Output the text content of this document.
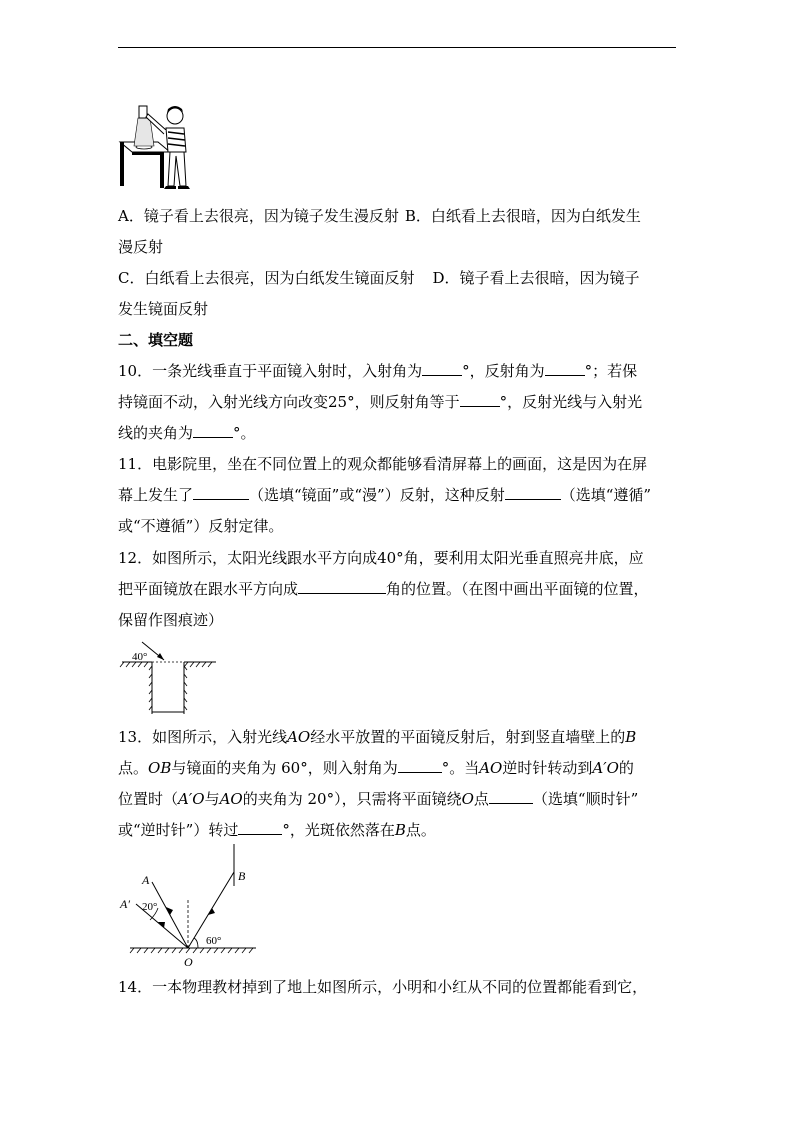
A．镜子看上去很亮，因为镜子发生漫反射 B．白纸看上去很暗，因为白纸发生
漫反射
C．白纸看上去很亮，因为白纸发生镜面反射 D．镜子看上去很暗，因为镜子
发生镜面反射
二、填空题
10．一条光线垂直于平面镜入射时，入射角为	°，反射角为	°；若保
持镜面不动，入射光线方向改变25°，则反射角等于	°，反射光线与入射光
线的夹角为	°。
11．电影院里，坐在不同位置上的观众都能够看清屏幕上的画面，这是因为在屏
幕上发生了	（选填“镜面”或“漫”）反射，这种反射	（选填“遵循”
或“不遵循”）反射定律。
12．如图所示，太阳光线跟水平方向成40°角，要利用太阳光垂直照亮井底，应
把平面镜放在跟水平方向成	角的位置。（在图中画出平面镜的位置，
保留作图痕迹）
40°
13．如图所示，入射光线AO经水平放置的平面镜反射后，射到竖直墙壁上的B
点。OB与镜面的夹角为 60°，则入射角为	°。当AO逆时针转动到A′O的
位置时（A′O与AO的夹角为 20°），只需将平面镜绕O点	（选填“顺时针”
或“逆时针”）转过	°，光斑依然落在B点。
A
A′ 20°
B
O
60°
14．一本物理教材掉到了地上如图所示，小明和小红从不同的位置都能看到它，
